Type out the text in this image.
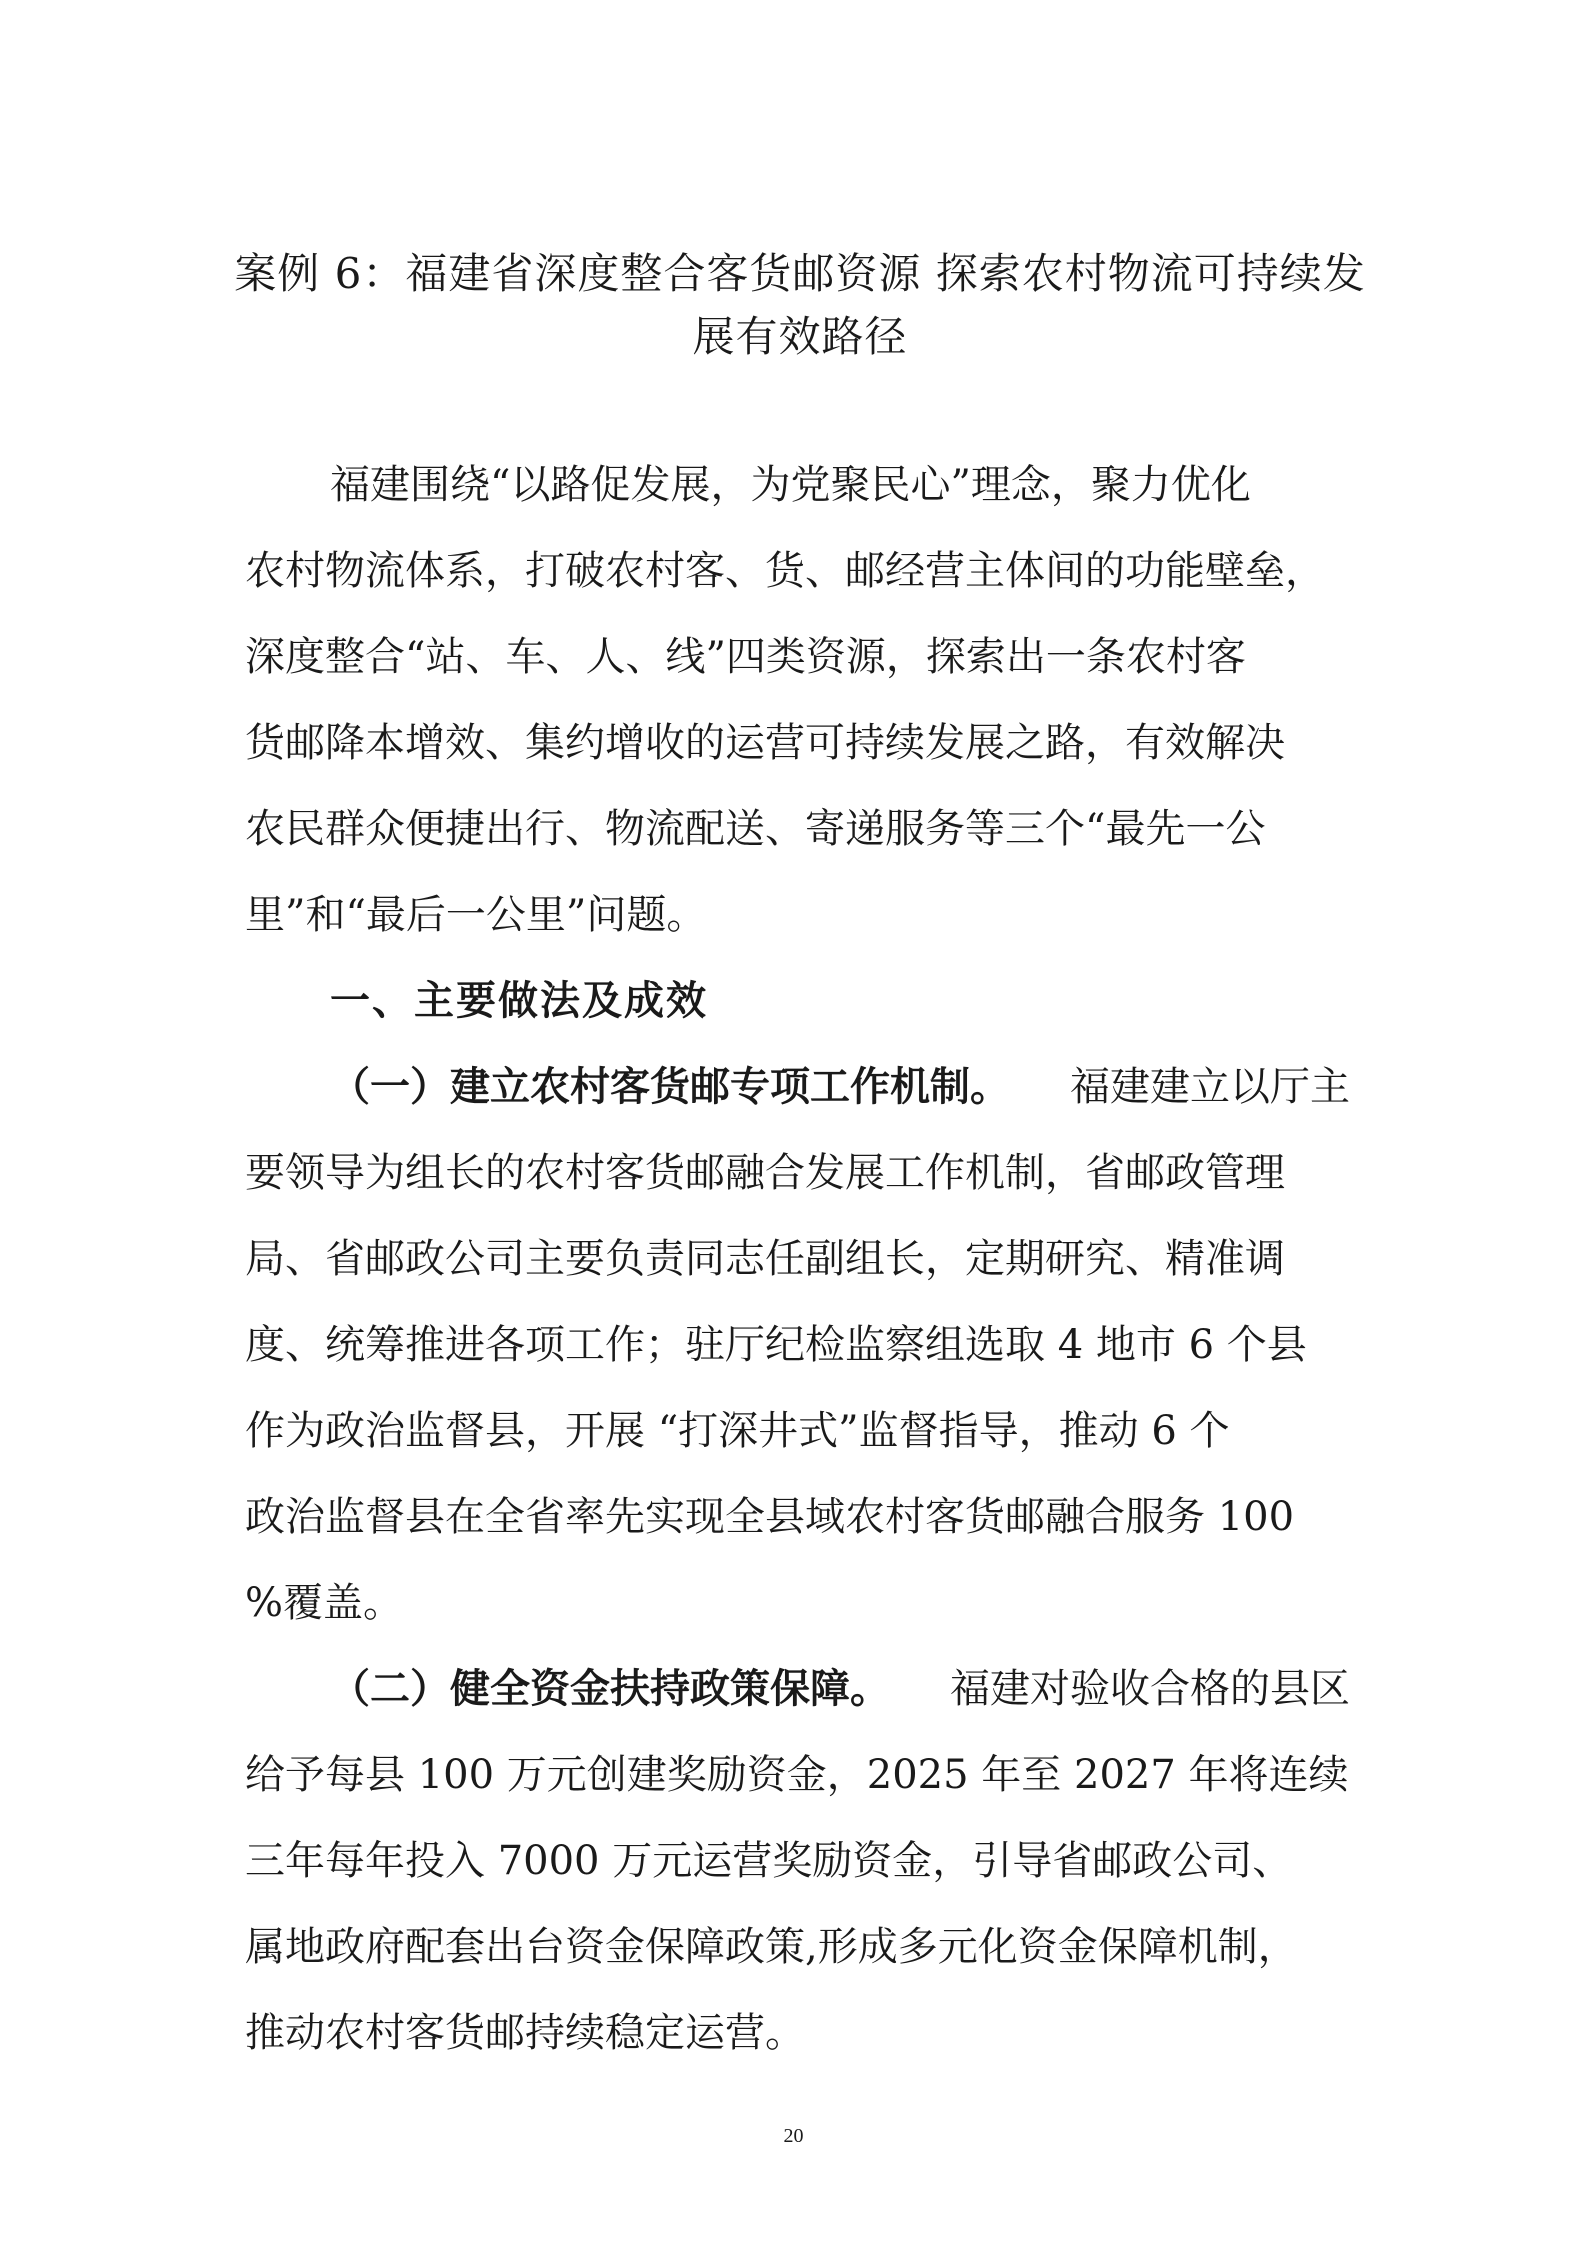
案例 6：福建省深度整合客货邮资源 探索农村物流可持续发
展有效路径
福建围绕“以路促发展，为党聚民心”理念，聚力优化
农村物流体系，打破农村客、货、邮经营主体间的功能壁垒，
深度整合“站、车、人、线”四类资源，探索出一条农村客
货邮降本增效、集约增收的运营可持续发展之路，有效解决
农民群众便捷出行、物流配送、寄递服务等三个“最先一公
里”和“最后一公里”问题。
一、主要做法及成效
（一）建立农村客货邮专项工作机制。 福建建立以厅主
要领导为组长的农村客货邮融合发展工作机制，省邮政管理
局、省邮政公司主要负责同志任副组长，定期研究、精准调
度、统筹推进各项工作；驻厅纪检监察组选取 4 地市 6 个县
作为政治监督县，开展 “打深井式”监督指导，推动 6 个
政治监督县在全省率先实现全县域农村客货邮融合服务 100
%覆盖。
（二）健全资金扶持政策保障。 福建对验收合格的县区
给予每县 100 万元创建奖励资金，2025 年至 2027 年将连续
三年每年投入 7000 万元运营奖励资金，引导省邮政公司、
属地政府配套出台资金保障政策,形成多元化资金保障机制，
推动农村客货邮持续稳定运营。
20
